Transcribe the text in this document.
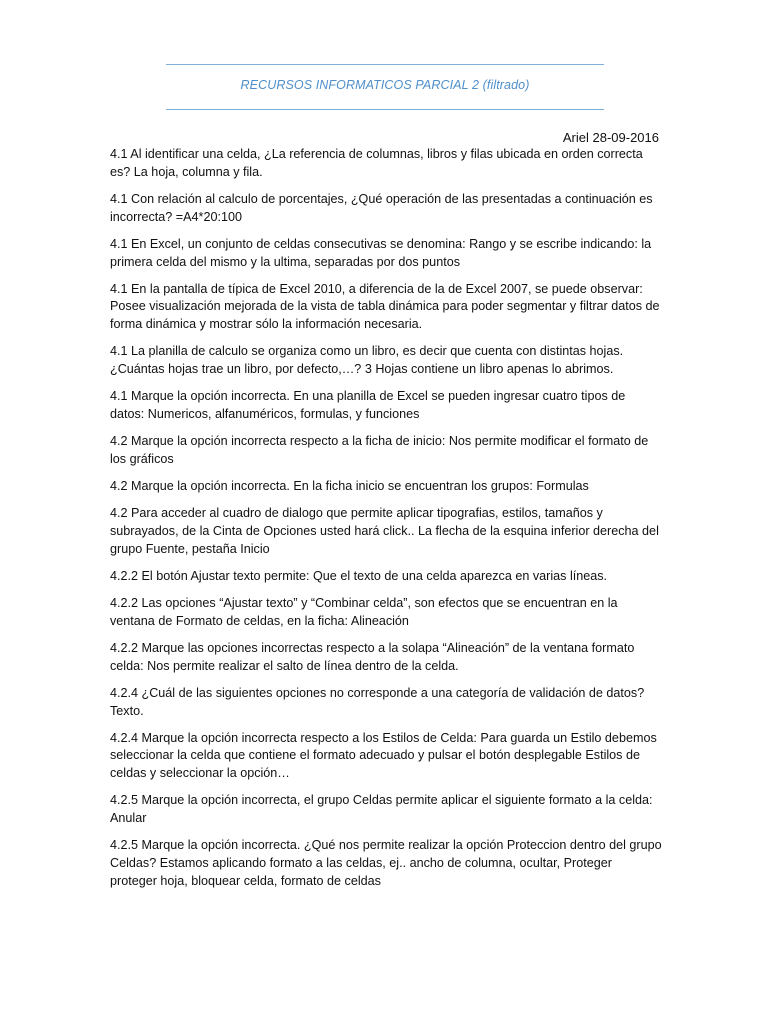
RECURSOS INFORMATICOS PARCIAL 2 (filtrado)
Ariel 28-09-2016

4.1 Al identificar una celda, ¿La referencia de columnas, libros y filas ubicada en orden correcta es? La hoja, columna y fila.

4.1 Con relación al calculo de porcentajes, ¿Qué operación de las presentadas a continuación es incorrecta? =A4*20:100

4.1 En Excel, un conjunto de celdas consecutivas se denomina: Rango y se escribe indicando: la primera celda del mismo y la ultima, separadas por dos puntos

4.1 En la pantalla de típica de Excel 2010, a diferencia de la de Excel 2007, se puede observar: Posee visualización mejorada de la vista de tabla dinámica para poder segmentar y filtrar datos de forma dinámica y mostrar sólo la información necesaria.

4.1 La planilla de calculo se organiza como un libro, es decir que cuenta con distintas hojas. ¿Cuántas hojas trae un libro, por defecto,…? 3 Hojas contiene un libro apenas lo abrimos.

4.1 Marque la opción incorrecta. En una planilla de Excel se pueden ingresar cuatro tipos de datos: Numericos, alfanuméricos, formulas, y funciones

4.2 Marque la opción incorrecta respecto a la ficha de inicio: Nos permite modificar el formato de los gráficos

4.2 Marque la opción incorrecta. En la ficha inicio se encuentran los grupos: Formulas

4.2 Para acceder al cuadro de dialogo que permite aplicar tipografias, estilos, tamaños y subrayados, de la Cinta de Opciones usted hará click.. La flecha de la esquina inferior derecha del grupo Fuente, pestaña Inicio

4.2.2 El botón Ajustar texto permite: Que el texto de una celda aparezca en varias líneas.

4.2.2 Las opciones “Ajustar texto” y “Combinar celda”, son efectos que se encuentran en la ventana de Formato de celdas, en la ficha: Alineación

4.2.2 Marque las opciones incorrectas respecto a la solapa “Alineación” de la ventana formato celda: Nos permite realizar el salto de línea dentro de la celda.

4.2.4 ¿Cuál de las siguientes opciones no corresponde a una categoría de validación de datos? Texto.

4.2.4 Marque la opción incorrecta respecto a los Estilos de Celda: Para guarda un Estilo debemos seleccionar la celda que contiene el formato adecuado y pulsar el botón desplegable Estilos de celdas y seleccionar la opción…

4.2.5 Marque la opción incorrecta, el grupo Celdas permite aplicar el siguiente formato a la celda: Anular

4.2.5 Marque la opción incorrecta. ¿Qué nos permite realizar la opción Proteccion dentro del grupo Celdas? Estamos aplicando formato a las celdas, ej.. ancho de columna, ocultar, Proteger proteger hoja, bloquear celda, formato de celdas
